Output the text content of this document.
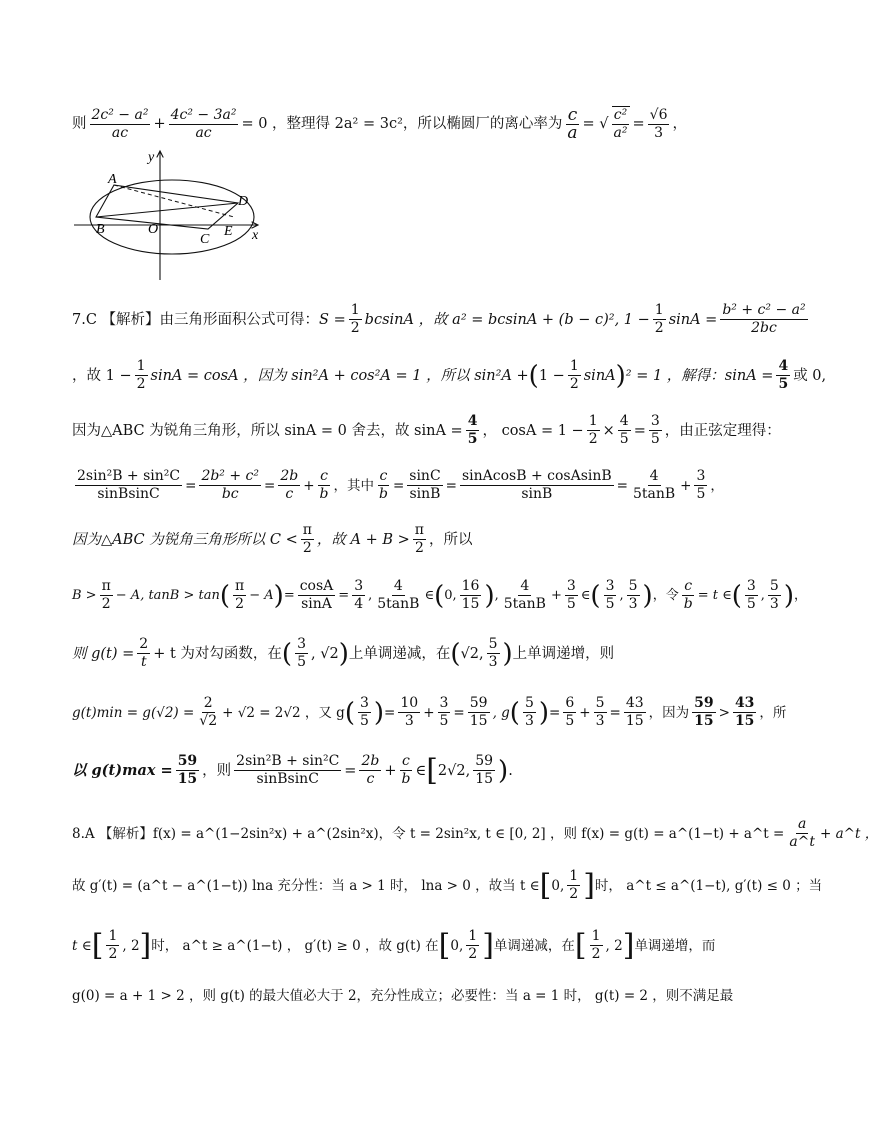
则 $\frac{\text{2c² − a²}}{ac} + \frac{\text{4c² − 3a²}}{ac} = 0$ ，整理得 2a² = 3c²，所以椭圆厂的离心率为 $\frac{c}{a}$ = √ $\frac{\text{c²}}{\text{a²}} = \frac{√6}{3}$ ，
y
x
A
B	O
C
D
E
7.C 【解析】由三角形面积公式可得： $S = \frac{1}{2}$ bcsinA ，故 a² = bcsinA + (b − c)², $1 - \frac{1}{2}$ $\sin A = \frac{\text{b² + c² − a²}}{2bc}$
，故 $1 - \frac{1}{2}$ sinA = cosA ，因为 sin²A + cos²A = 1 ，所以 sin²A + ( $1 - \frac{1}{2}$ sinA ) ² = 1 ，解得：$\sin A = \frac{4}{5}$ 或 0,
因为△ABC 为锐角三角形，所以 sinA = 0 舍去，故 $\sin A = \frac{4}{5}$ ， $\cos A = 1 - \frac{1}{2} \times \frac{4}{5} = \frac{3}{5}$ ，由正弦定理得：
$\frac{\text{2sin²B + sin²C}}{\text{sinBsinC}} = \frac{\text{2b² + c²}}{bc} = \frac{2b}{c} + \frac{c}{b}$ ，其中 $\frac{c}{b} = \frac{\sin C}{\sin B} = \frac{\text{sinAcosB + cosAsinB}}{\sin B} = \frac{4}{5\tan B} + \frac{3}{5}$ ，
因为△ABC 为锐角三角形所以 $C < \frac{\pi}{2}$ ，故 $A + B > \frac{\pi}{2}$ ，所以
$B > \frac{\pi}{2} - A$, tanB > tan ( $\frac{\pi}{2} - A$ ) = $\frac{\cos A}{\sin A} = \frac{3}{4}$ , $\frac{4}{5\tan B}$ ∈ ( 0, $\frac{16}{15}$ ) , $\frac{4}{5\tan B} + \frac{3}{5}$ ∈ ( $\frac{3}{5}$ , $\frac{5}{3}$ ) ，令 $\frac{c}{b} = t$ ∈ ( $\frac{3}{5}$ , $\frac{5}{3}$ ) ，
则 $g(t) = \frac{2}{t} + t$ 为对勾函数，在 ( $\frac{3}{5}$ , √2 ) 上单调递减，在 ( √2, $\frac{5}{3}$ ) 上单调递增，则
$g(t)\min = g(√2) = \frac{2}{√2} + √2 = 2√2$ ，又 g ( $\frac{3}{5}$ ) = $\frac{10}{3} + \frac{3}{5} = \frac{59}{15}$ , g ( $\frac{5}{3}$ ) = $\frac{6}{5} + \frac{5}{3} = \frac{43}{15}$ ，因为 $\frac{59}{15} > \frac{43}{15}$ ，所
以 $g(t)\max = \frac{59}{15}$ ，则 $\frac{\text{2sin²B + sin²C}}{\text{sinBsinC}} = \frac{2b}{c} + \frac{c}{b}$ ∈ [ 2√2, $\frac{59}{15}$ ) .
8.A 【解析】f(x) = a^(1−2sin²x) + a^(2sin²x)，令 t = 2sin²x, t ∈ [0, 2] ，则 f(x) = g(t) = a^(1−t) + a^t = $\frac{a}{a\^{}t}$ + a^t ，
故 g′(t) = (a^t − a^(1−t)) lna 充分性：当 a > 1 时， lna > 0 ，故当 t ∈ [ 0, $\frac{1}{2}$ ] 时， a^t ≤ a^(1−t), g′(t) ≤ 0 ；当
t ∈ [ $\frac{1}{2}$ , 2 ] 时， a^t ≥ a^(1−t) ， g′(t) ≥ 0 ，故 g(t) 在 [ 0, $\frac{1}{2}$ ] 单调递减，在 [ $\frac{1}{2}$ , 2 ] 单调递增，而
g(0) = a + 1 > 2 ，则 g(t) 的最大值必大于 2，充分性成立；必要性：当 a = 1 时， g(t) = 2 ，则不满足最
